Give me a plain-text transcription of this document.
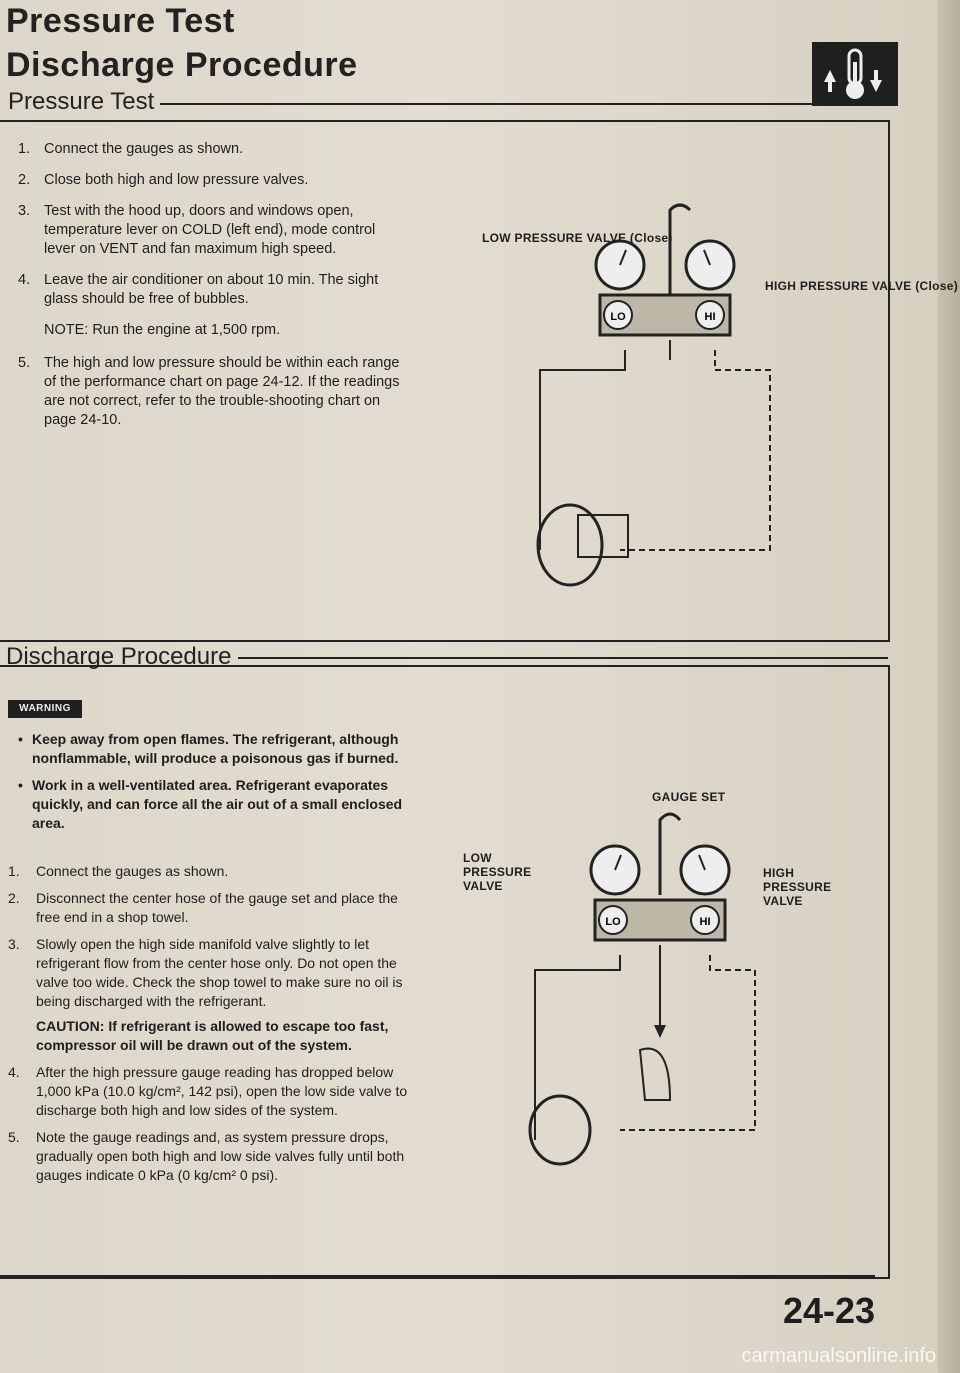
Pressure Test
Discharge Procedure
Pressure Test
1. Connect the gauges as shown.
2. Close both high and low pressure valves.
3. Test with the hood up, doors and windows open, temperature lever on COLD (left end), mode control lever on VENT and fan maximum high speed.
4. Leave the air conditioner on about 10 min. The sight glass should be free of bubbles.
NOTE: Run the engine at 1,500 rpm.
5. The high and low pressure should be within each range of the performance chart on page 24-12. If the readings are not correct, refer to the trouble-shooting chart on page 24-10.
LO	HI
LOW PRESSURE VALVE (Close)
HIGH PRESSURE VALVE (Close)
Discharge Procedure
WARNING
• Keep away from open flames. The refrigerant, although nonflammable, will produce a poisonous gas if burned.
• Work in a well-ventilated area. Refrigerant evaporates quickly, and can force all the air out of a small enclosed area.
1. Connect the gauges as shown.
2. Disconnect the center hose of the gauge set and place the free end in a shop towel.
3. Slowly open the high side manifold valve slightly to let refrigerant flow from the center hose only. Do not open the valve too wide. Check the shop towel to make sure no oil is being discharged with the refrigerant.
CAUTION: If refrigerant is allowed to escape too fast, compressor oil will be drawn out of the system.
4. After the high pressure gauge reading has dropped below 1,000 kPa (10.0 kg/cm², 142 psi), open the low side valve to discharge both high and low sides of the system.
5. Note the gauge readings and, as system pressure drops, gradually open both high and low side valves fully until both gauges indicate 0 kPa (0 kg/cm² 0 psi).
LO	HI
GAUGE SET
LOW PRESSURE VALVE
HIGH PRESSURE VALVE
24-23
carmanualsonline.info
